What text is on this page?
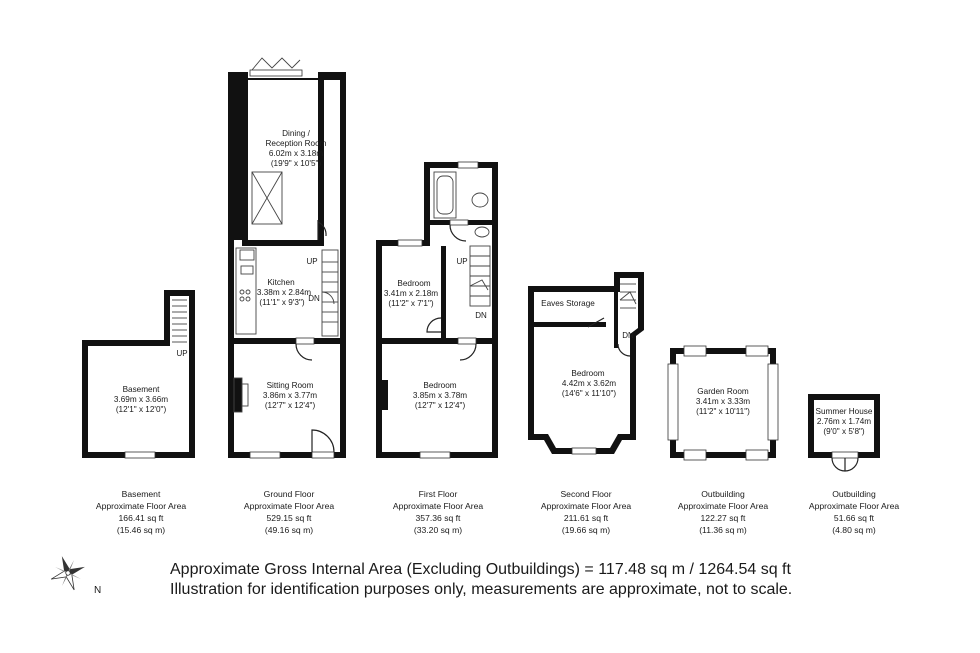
UP
Basement
3.69m x 3.66m
(12'1" x 12'0")
UP
DN
Dining /
Reception Room
6.02m x 3.18m
(19'9" x 10'5")
Kitchen
3.38m x 2.84m
(11'1" x 9'3")
Sitting Room
3.86m x 3.77m
(12'7" x 12'4")
UP
DN
Bedroom
3.41m x 2.18m
(11'2" x 7'1")
Bedroom
3.85m x 3.78m
(12'7" x 12'4")
DN
Eaves Storage
Bedroom
4.42m x 3.62m
(14'6" x 11'10")	Garden Room
3.41m x 3.33m
(11'2" x 10'11")	Summer House
2.76m x 1.74m
(9'0" x 5'8")
Basement
Approximate Floor Area
166.41 sq ft
(15.46 sq m)
Ground Floor
Approximate Floor Area
529.15 sq ft
(49.16 sq m)
First Floor
Approximate Floor Area
357.36 sq ft
(33.20 sq m)
Second Floor
Approximate Floor Area
211.61 sq ft
(19.66 sq m)
Outbuilding
Approximate Floor Area
122.27 sq ft
(11.36 sq m)
Outbuilding
Approximate Floor Area
51.66 sq ft
(4.80 sq m)
N
Approximate Gross Internal Area (Excluding Outbuildings) = 117.48 sq m / 1264.54 sq ft
Illustration for identification purposes only, measurements are approximate, not to scale.
